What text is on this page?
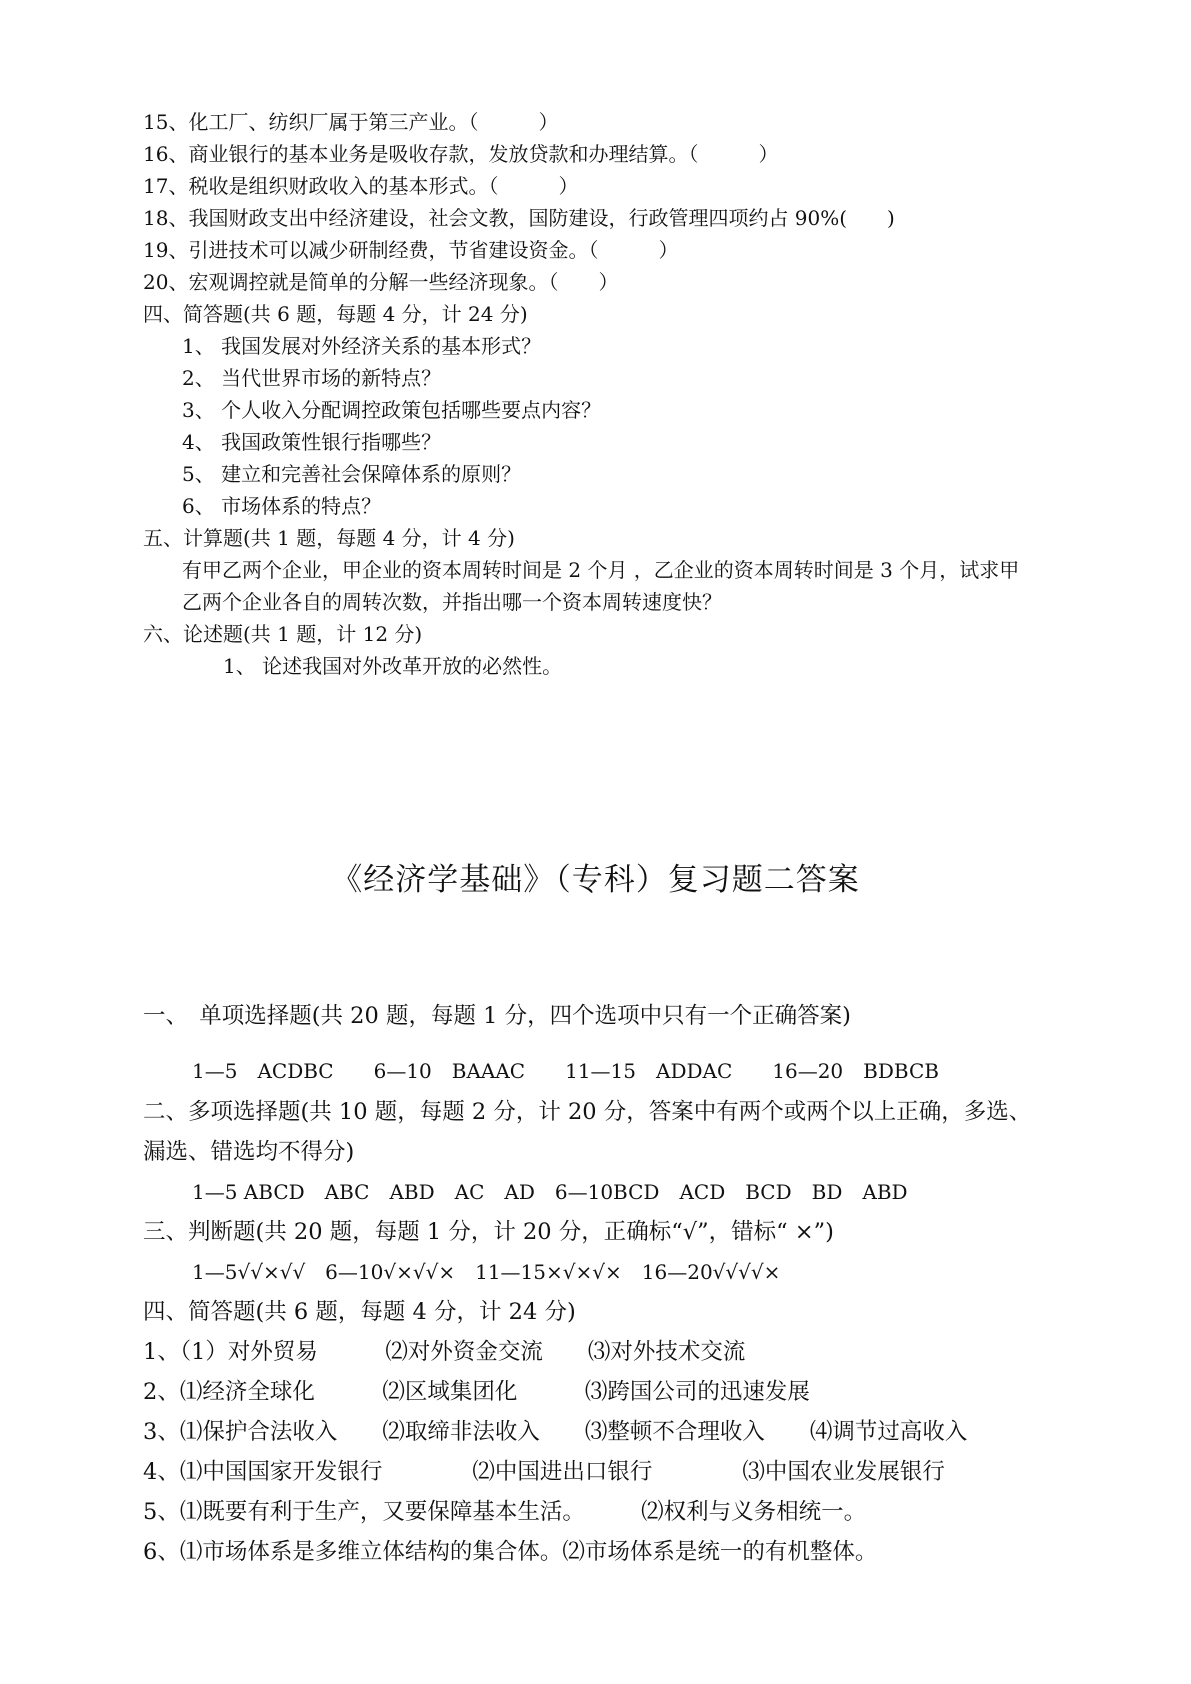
15、化工厂、纺织厂属于第三产业。（　　　）
16、商业银行的基本业务是吸收存款，发放贷款和办理结算。（　　　）
17、税收是组织财政收入的基本形式。（　　　）
18、我国财政支出中经济建设，社会文教，国防建设，行政管理四项约占 90%(　　)
19、引进技术可以减少研制经费，节省建设资金。（　　　）
20、宏观调控就是简单的分解一些经济现象。（　　）
四、简答题(共 6 题，每题 4 分，计 24 分)
1、 我国发展对外经济关系的基本形式？
2、 当代世界市场的新特点？
3、 个人收入分配调控政策包括哪些要点内容？
4、 我国政策性银行指哪些？
5、 建立和完善社会保障体系的原则？
6、 市场体系的特点？
五、计算题(共 1 题，每题 4 分，计 4 分)
有甲乙两个企业，甲企业的资本周转时间是 2 个月 ，乙企业的资本周转时间是 3 个月，试求甲
乙两个企业各自的周转次数，并指出哪一个资本周转速度快？
六、论述题(共 1 题，计 12 分)
1、 论述我国对外改革开放的必然性。
《经济学基础》（专科）复习题二答案
一、　单项选择题(共 20 题，每题 1 分，四个选项中只有一个正确答案)
1—5　ACDBC　　6—10　BAAAC　　11—15　ADDAC　　16—20　BDBCB
二、多项选择题(共 10 题，每题 2 分，计 20 分，答案中有两个或两个以上正确，多选、
漏选、错选均不得分)
1—5 ABCD　ABC　ABD　AC　AD　6—10BCD　ACD　BCD　BD　ABD
三、判断题(共 20 题，每题 1 分，计 20 分，正确标“√”，错标“ ×”)
1—5√√×√√　6—10√×√√×　11—15×√×√×　16—20√√√√×
四、简答题(共 6 题，每题 4 分，计 24 分)
1、（1）对外贸易　　　⑵对外资金交流　　⑶对外技术交流
2、⑴经济全球化　　　⑵区域集团化　　　⑶跨国公司的迅速发展
3、⑴保护合法收入　　⑵取缔非法收入　　⑶整顿不合理收入　　⑷调节过高收入
4、⑴中国国家开发银行　　　　⑵中国进出口银行　　　　⑶中国农业发展银行
5、⑴既要有利于生产，又要保障基本生活。　　　⑵权利与义务相统一。
6、⑴市场体系是多维立体结构的集合体。⑵市场体系是统一的有机整体。
